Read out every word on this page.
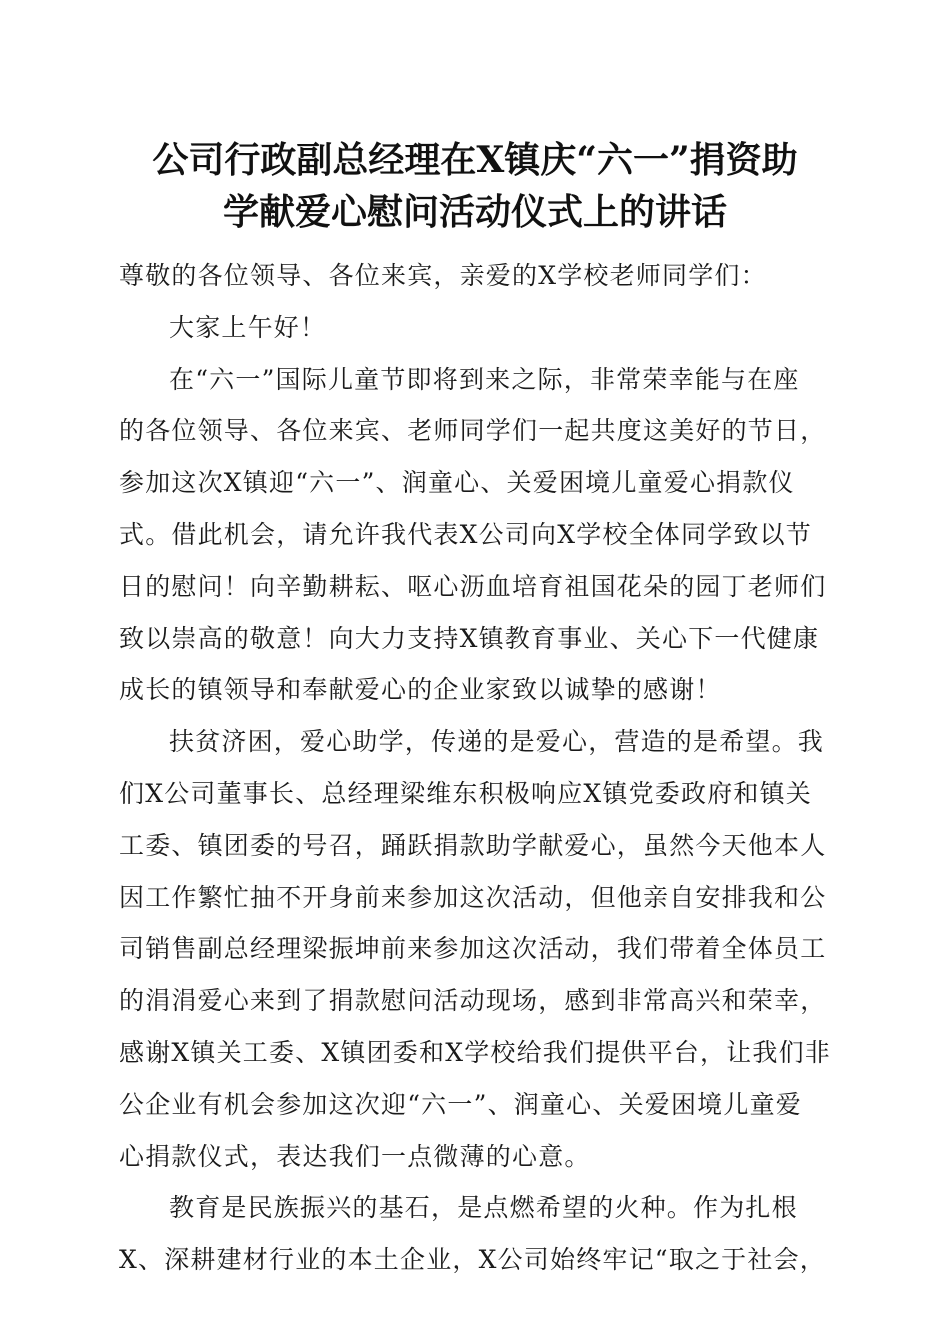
公司行政副总经理在X镇庆“六一”捐资助
学献爱心慰问活动仪式上的讲话
尊敬的各位领导、各位来宾，亲爱的X学校老师同学们：
大家上午好！
在“六一”国际儿童节即将到来之际，非常荣幸能与在座
的各位领导、各位来宾、老师同学们一起共度这美好的节日，
参加这次X镇迎“六一”、润童心、关爱困境儿童爱心捐款仪
式。借此机会，请允许我代表X公司向X学校全体同学致以节
日的慰问！向辛勤耕耘、呕心沥血培育祖国花朵的园丁老师们
致以崇高的敬意！向大力支持X镇教育事业、关心下一代健康
成长的镇领导和奉献爱心的企业家致以诚挚的感谢！
扶贫济困，爱心助学，传递的是爱心，营造的是希望。我
们X公司董事长、总经理梁维东积极响应X镇党委政府和镇关
工委、镇团委的号召，踊跃捐款助学献爱心，虽然今天他本人
因工作繁忙抽不开身前来参加这次活动，但他亲自安排我和公
司销售副总经理梁振坤前来参加这次活动，我们带着全体员工
的涓涓爱心来到了捐款慰问活动现场，感到非常高兴和荣幸，
感谢X镇关工委、X镇团委和X学校给我们提供平台，让我们非
公企业有机会参加这次迎“六一”、润童心、关爱困境儿童爱
心捐款仪式，表达我们一点微薄的心意。
教育是民族振兴的基石，是点燃希望的火种。作为扎根
X、深耕建材行业的本土企业，X公司始终牢记“取之于社会，
